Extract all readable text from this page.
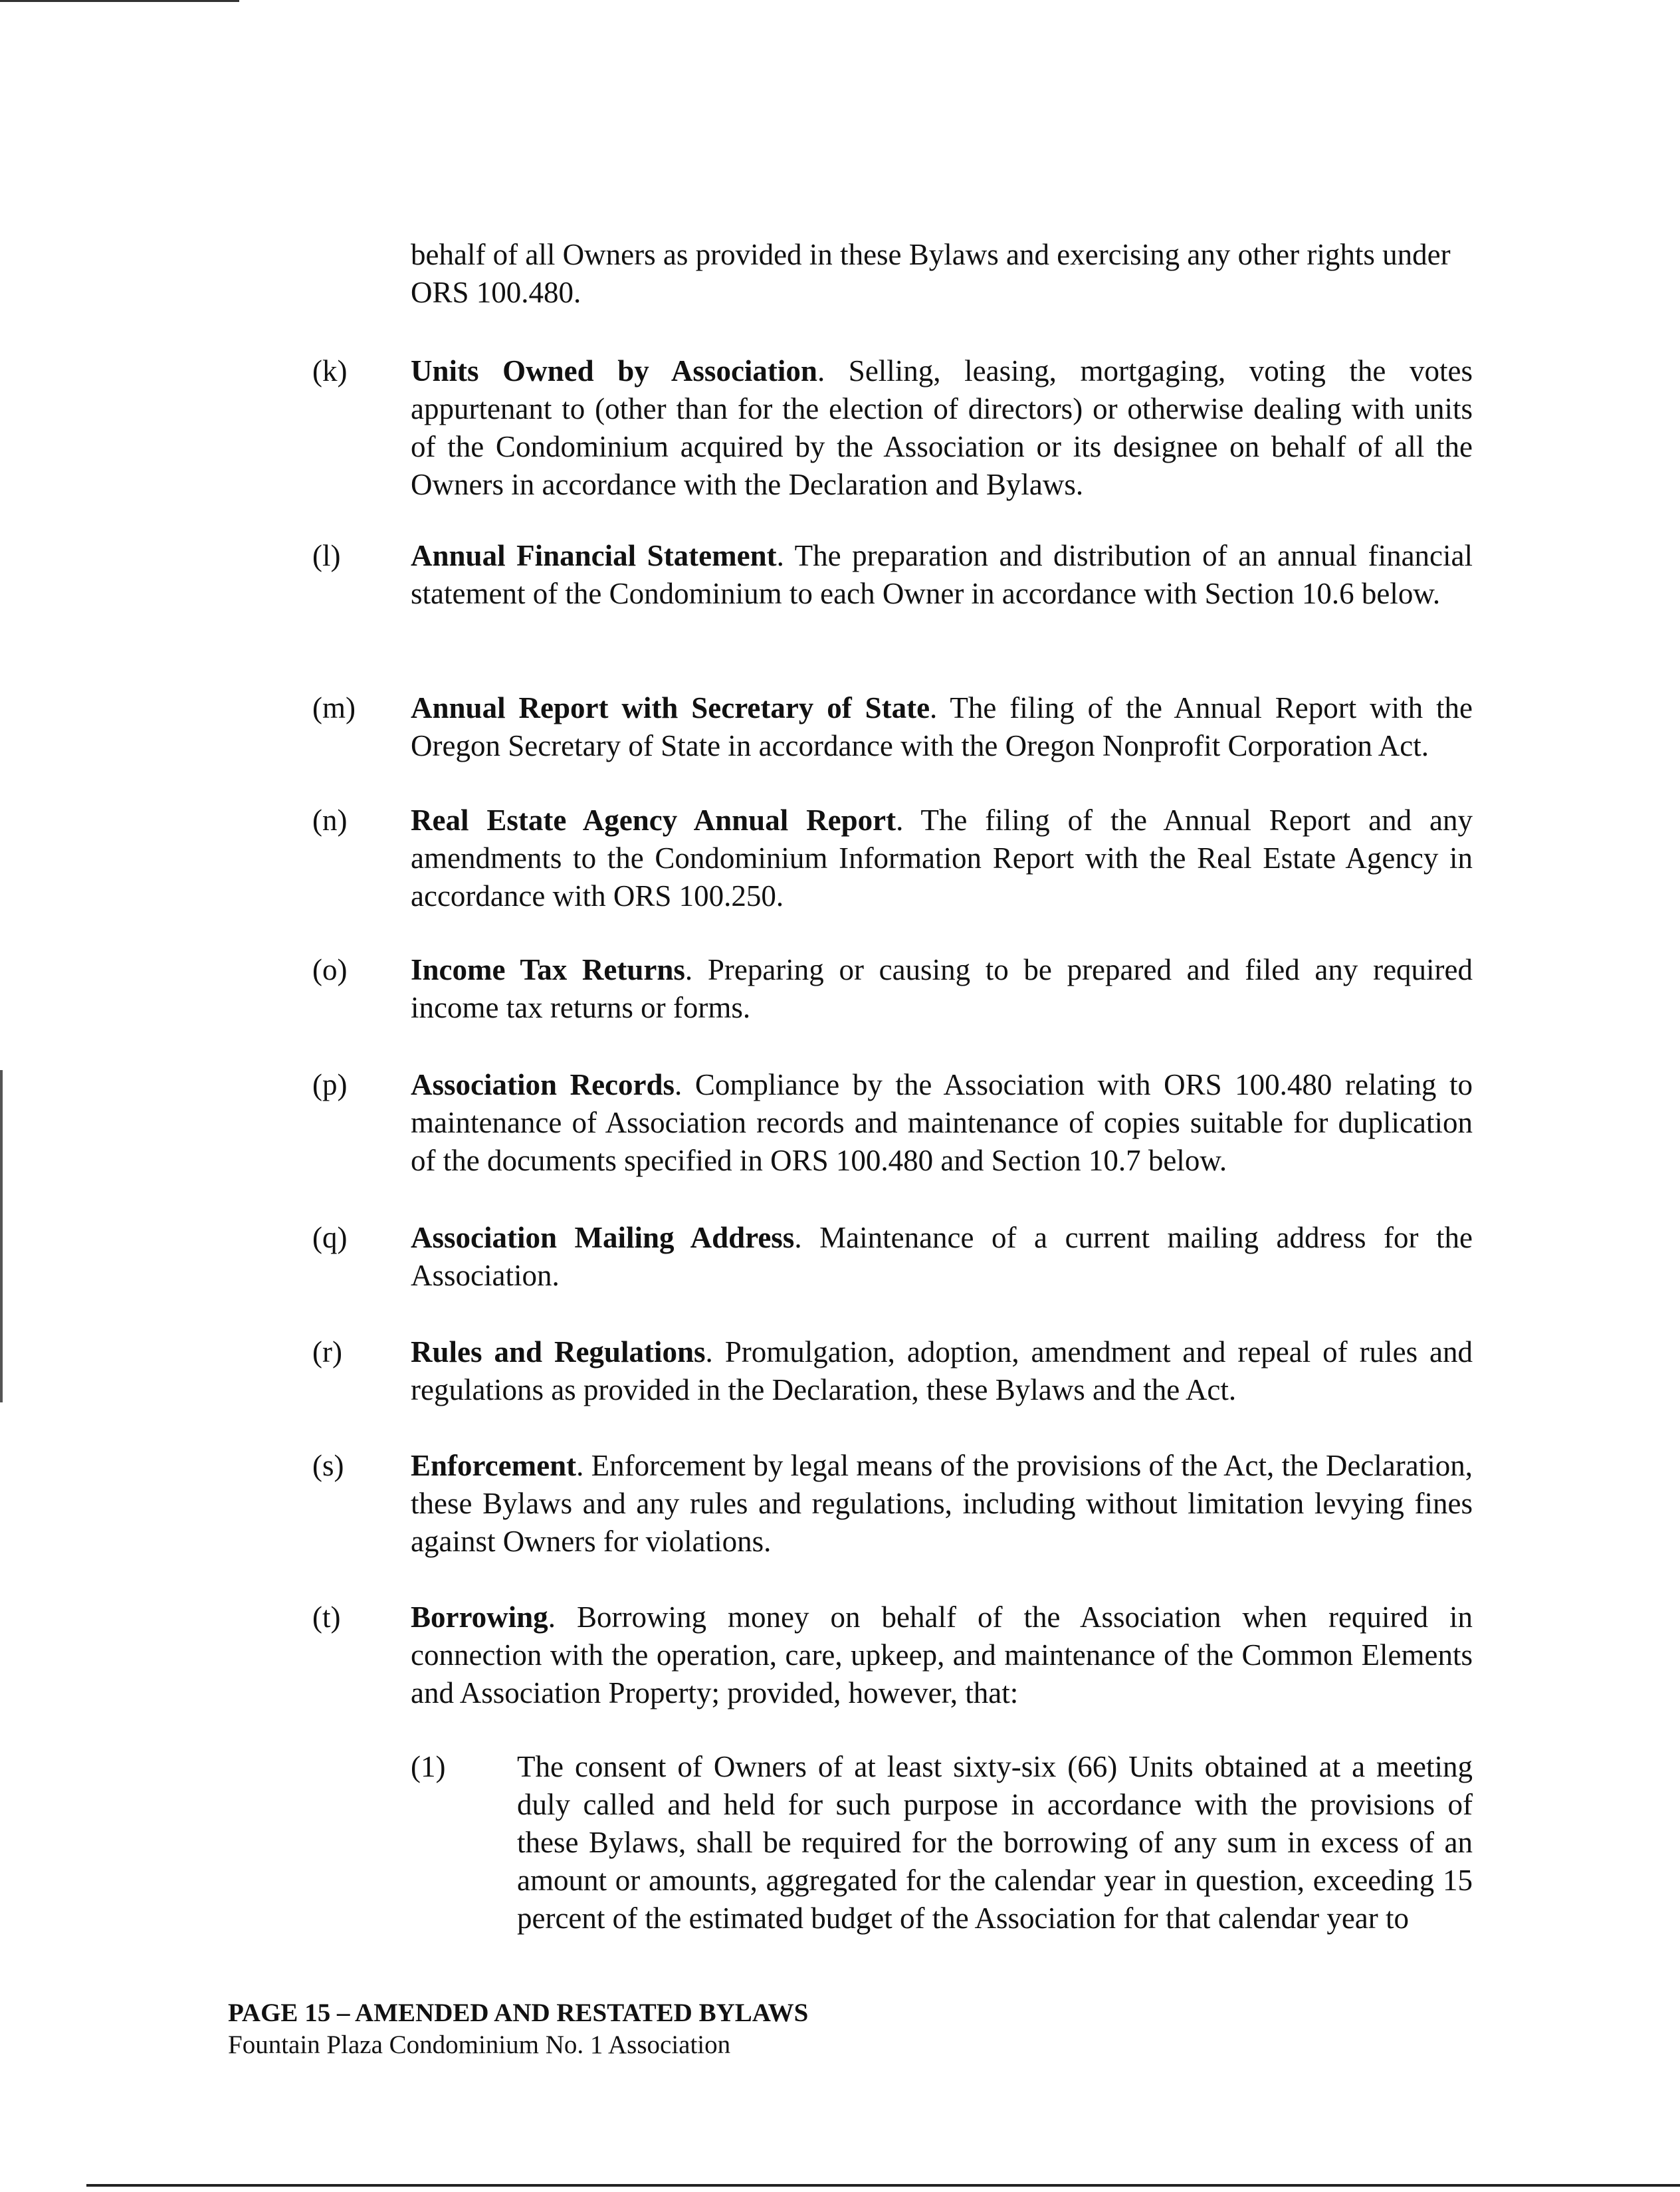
behalf of all Owners as provided in these Bylaws and exercising any other rights under ORS 100.480.

(k)	Units Owned by Association. Selling, leasing, mortgaging, voting the votes appurtenant to (other than for the election of directors) or otherwise dealing with units of the Condominium acquired by the Association or its designee on behalf of all the Owners in accordance with the Declaration and Bylaws.
(l)	Annual Financial Statement. The preparation and distribution of an annual financial statement of the Condominium to each Owner in accordance with Section 10.6 below.
(m)	Annual Report with Secretary of State. The filing of the Annual Report with the Oregon Secretary of State in accordance with the Oregon Nonprofit Corporation Act.
(n)	Real Estate Agency Annual Report. The filing of the Annual Report and any amendments to the Condominium Information Report with the Real Estate Agency in accordance with ORS 100.250.
(o)	Income Tax Returns. Preparing or causing to be prepared and filed any required income tax returns or forms.
(p)	Association Records. Compliance by the Association with ORS 100.480 relating to maintenance of Association records and maintenance of copies suitable for duplication of the documents specified in ORS 100.480 and Section 10.7 below.
(q)	Association Mailing Address. Maintenance of a current mailing address for the Association.
(r)	Rules and Regulations. Promulgation, adoption, amendment and repeal of rules and regulations as provided in the Declaration, these Bylaws and the Act.
(s)	Enforcement. Enforcement by legal means of the provisions of the Act, the Declaration, these Bylaws and any rules and regulations, including without limitation levying fines against Owners for violations.
(t)	Borrowing. Borrowing money on behalf of the Association when required in connection with the operation, care, upkeep, and maintenance of the Common Elements and Association Property; provided, however, that:
(1)	The consent of Owners of at least sixty-six (66) Units obtained at a meeting duly called and held for such purpose in accordance with the provisions of these Bylaws, shall be required for the borrowing of any sum in excess of an amount or amounts, aggregated for the calendar year in question, exceeding 15 percent of the estimated budget of the Association for that calendar year to
PAGE 15 – AMENDED AND RESTATED BYLAWS
Fountain Plaza Condominium No. 1 Association
